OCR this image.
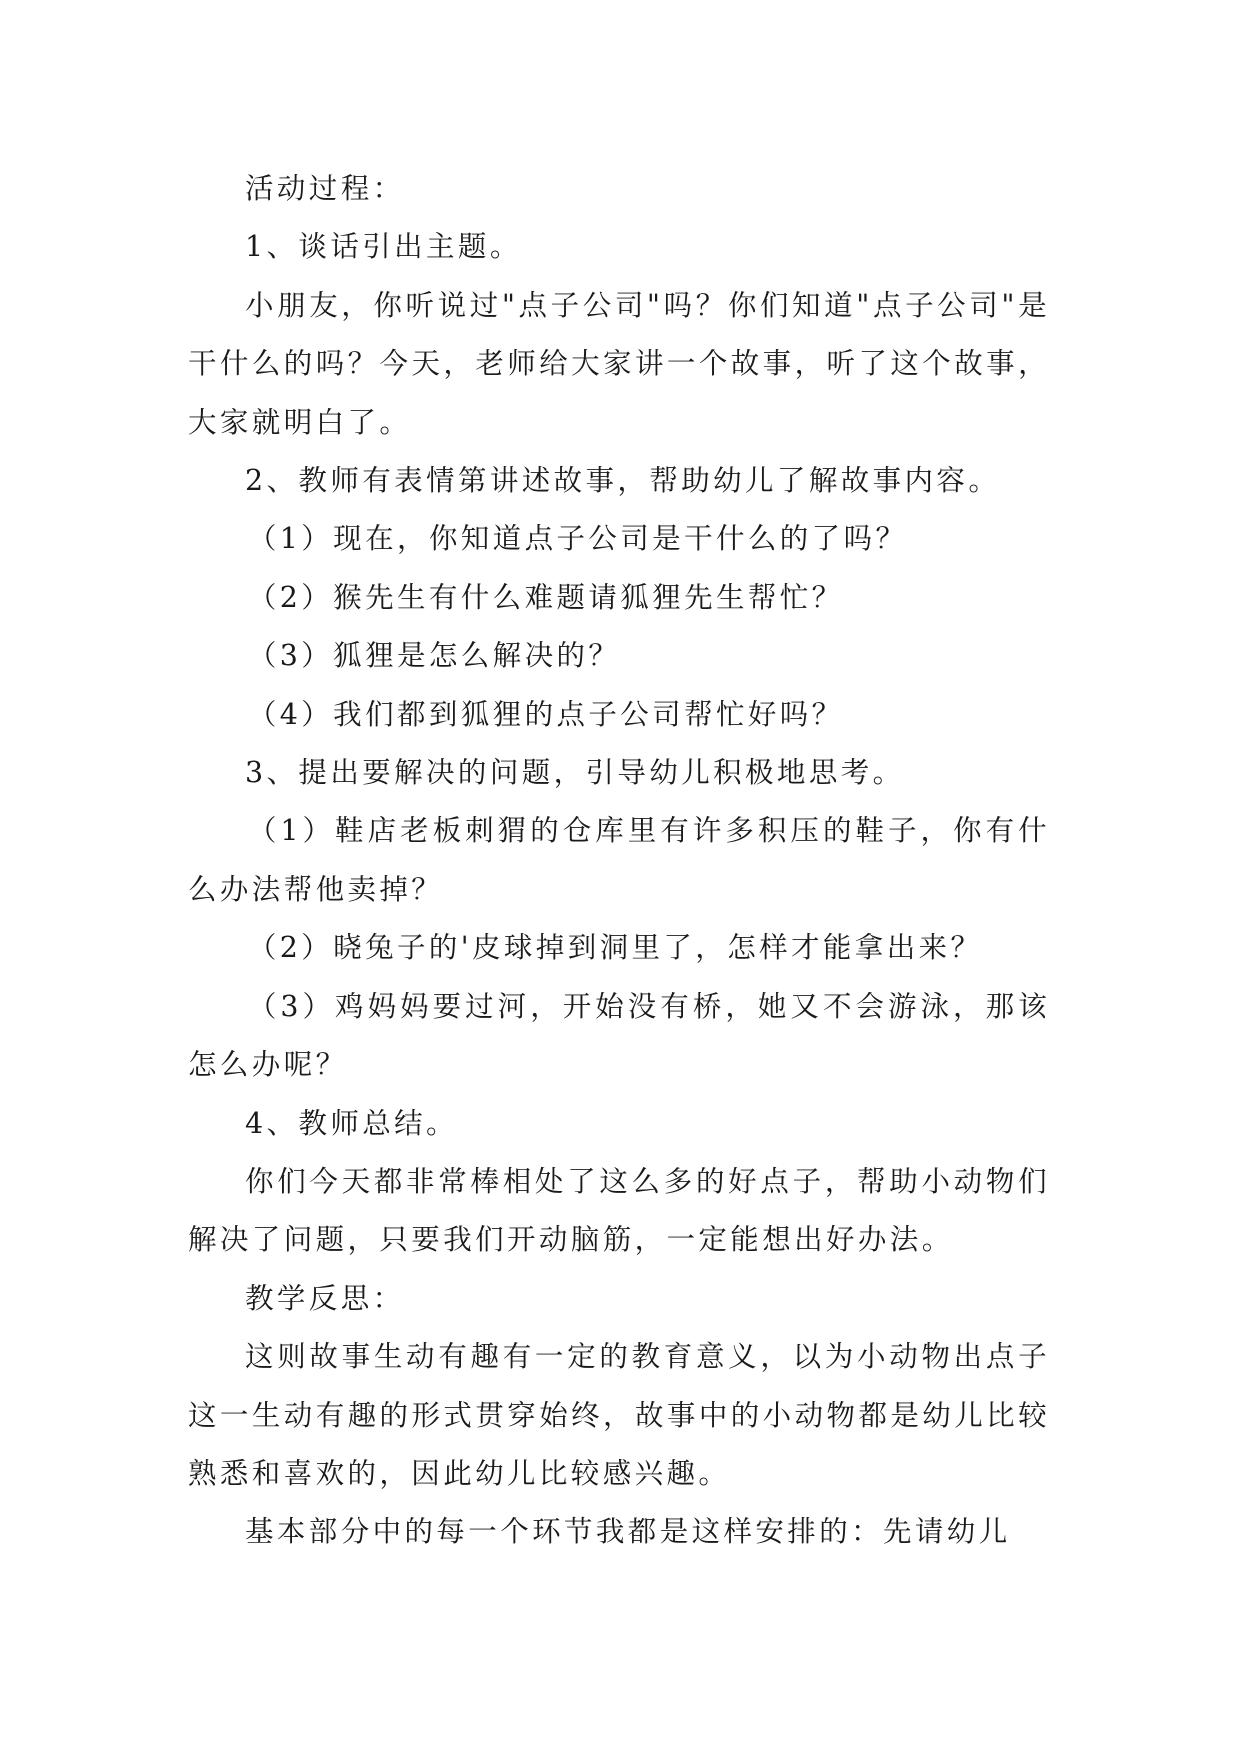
活动过程：

1、谈话引出主题。

小朋友，你听说过"点子公司"吗？你们知道"点子公司"是干什么的吗？今天，老师给大家讲一个故事，听了这个故事，大家就明白了。

2、教师有表情第讲述故事，帮助幼儿了解故事内容。

（1）现在，你知道点子公司是干什么的了吗？

（2）猴先生有什么难题请狐狸先生帮忙？

（3）狐狸是怎么解决的？

（4）我们都到狐狸的点子公司帮忙好吗？

3、提出要解决的问题，引导幼儿积极地思考。

（1）鞋店老板刺猬的仓库里有许多积压的鞋子，你有什么办法帮他卖掉？

（2）晓兔子的'皮球掉到洞里了，怎样才能拿出来？

（3）鸡妈妈要过河，开始没有桥，她又不会游泳，那该怎么办呢？

4、教师总结。

你们今天都非常棒相处了这么多的好点子，帮助小动物们解决了问题，只要我们开动脑筋，一定能想出好办法。

教学反思：

这则故事生动有趣有一定的教育意义，以为小动物出点子这一生动有趣的形式贯穿始终，故事中的小动物都是幼儿比较熟悉和喜欢的，因此幼儿比较感兴趣。

基本部分中的每一个环节我都是这样安排的：先请幼儿
